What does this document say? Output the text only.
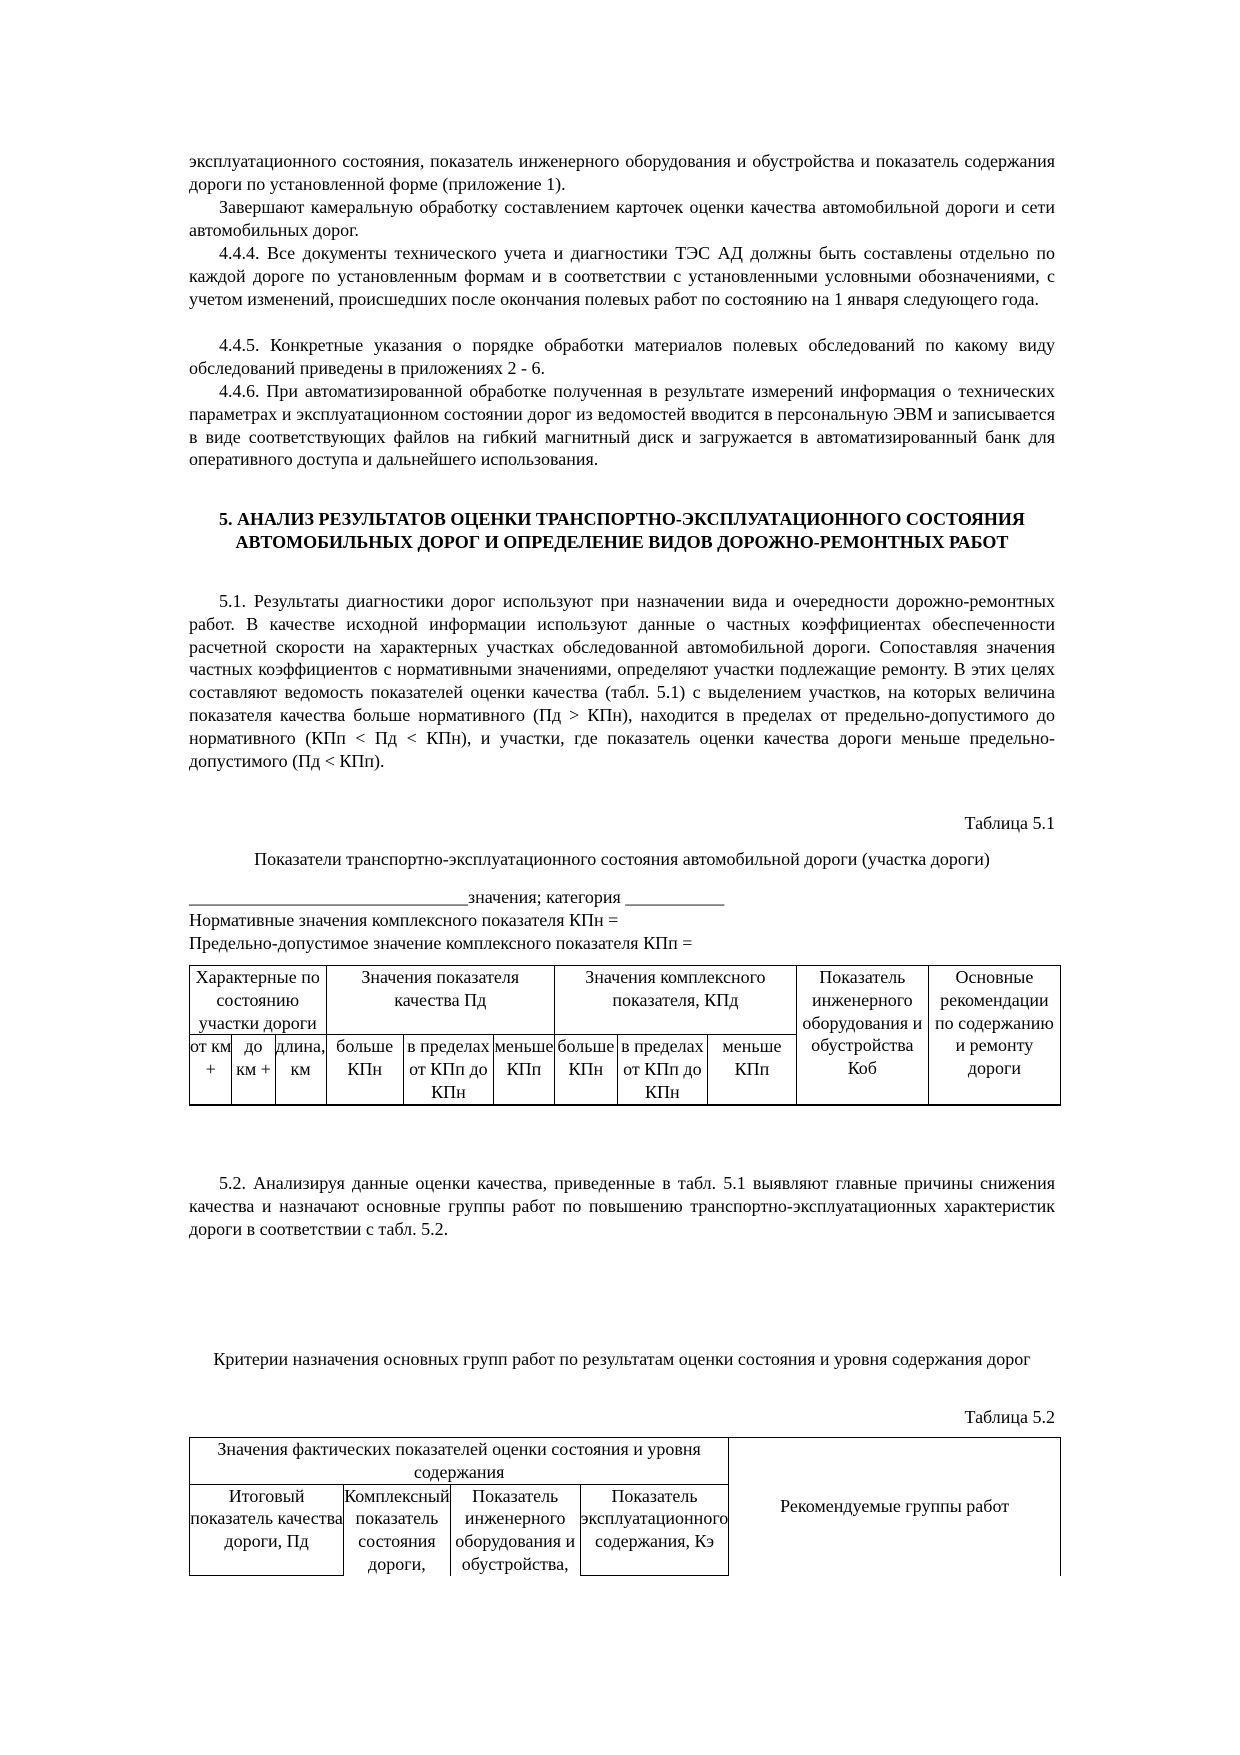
эксплуатационного состояния, показатель инженерного оборудования и обустройства и показатель содержания дороги по установленной форме (приложение 1).
Завершают камеральную обработку составлением карточек оценки качества автомобильной дороги и сети автомобильных дорог.
4.4.4. Все документы технического учета и диагностики ТЭС АД должны быть составлены отдельно по каждой дороге по установленным формам и в соответствии с установленными условными обозначениями, с учетом изменений, происшедших после окончания полевых работ по состоянию на 1 января следующего года.
4.4.5. Конкретные указания о порядке обработки материалов полевых обследований по какому виду обследований приведены в приложениях 2 - 6.
4.4.6. При автоматизированной обработке полученная в результате измерений информация о технических параметрах и эксплуатационном состоянии дорог из ведомостей вводится в персональную ЭВМ и записывается в виде соответствующих файлов на гибкий магнитный диск и загружается в автоматизированный банк для оперативного доступа и дальнейшего использования.
5. АНАЛИЗ РЕЗУЛЬТАТОВ ОЦЕНКИ ТРАНСПОРТНО-ЭКСПЛУАТАЦИОННОГО СОСТОЯНИЯ АВТОМОБИЛЬНЫХ ДОРОГ И ОПРЕДЕЛЕНИЕ ВИДОВ ДОРОЖНО-РЕМОНТНЫХ РАБОТ
5.1. Результаты диагностики дорог используют при назначении вида и очередности дорожно-ремонтных работ. В качестве исходной информации используют данные о частных коэффициентах обеспеченности расчетной скорости на характерных участках обследованной автомобильной дороги. Сопоставляя значения частных коэффициентов с нормативными значениями, определяют участки подлежащие ремонту. В этих целях составляют ведомость показателей оценки качества (табл. 5.1) с выделением участков, на которых величина показателя качества больше нормативного (Пд > КПн), находится в пределах от предельно-допустимого до нормативного (КПп < Пд < КПн), и участки, где показатель оценки качества дороги меньше предельно-допустимого (Пд < КПп).
Таблица 5.1
Показатели транспортно-эксплуатационного состояния автомобильной дороги (участка дороги)
_______________________________значения; категория ___________
Нормативные значения комплексного показателя КПн =
Предельно-допустимое значение комплексного показателя КПп =
Характерные по состоянию участки дороги			Значения показателя качества Пд			Значения комплексного показателя, КПд			Показатель инженерного оборудования и обустройства Коб	Основные рекомендации по содержанию и ремонту дороги
от км +	до км +	длина, км	больше КПн	в пределах от КПп до КПн	меньше КПп	больше КПн	в пределах от КПп до КПн	меньше КПп		
5.2. Анализируя данные оценки качества, приведенные в табл. 5.1 выявляют главные причины снижения качества и назначают основные группы работ по повышению транспортно-эксплуатационных характеристик дороги в соответствии с табл. 5.2.
Критерии назначения основных групп работ по результатам оценки состояния и уровня содержания дорог
Таблица 5.2
Значения фактических показателей оценки состояния и уровня содержания				Рекомендуемые группы работ
Итоговый показатель качества дороги, Пд	Комплексный показатель состояния дороги,	Показатель инженерного оборудования и обустройства,	Показатель эксплуатационного содержания, Кэ	
